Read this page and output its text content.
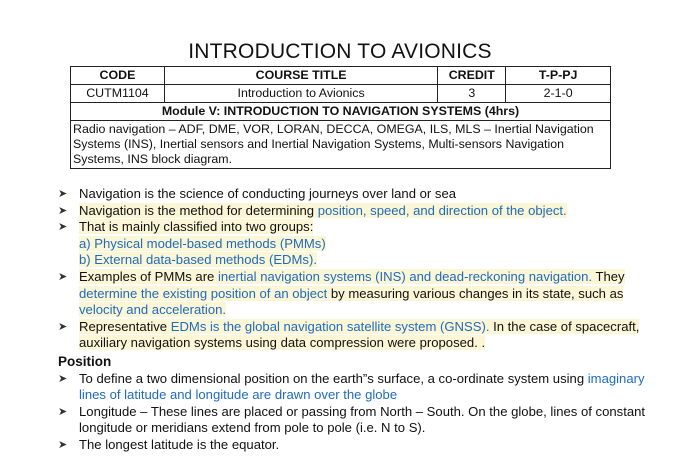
INTRODUCTION TO AVIONICS
CODE	COURSE TITLE	CREDIT	T-P-PJ
CUTM1104	Introduction to Avionics	3	2-1-0
Module V: INTRODUCTION TO NAVIGATION SYSTEMS (4hrs)			
Radio navigation – ADF, DME, VOR, LORAN, DECCA, OMEGA, ILS, MLS – Inertial Navigation Systems (INS), Inertial sensors and Inertial Navigation Systems, Multi-sensors Navigation Systems, INS block diagram.			
➤ Navigation is the science of conducting journeys over land or sea
➤ Navigation is the method for determining position, speed, and direction of the object.
➤ That is mainly classified into two groups:
a) Physical model-based methods (PMMs)
b) External data-based methods (EDMs).
➤ Examples of PMMs are inertial navigation systems (INS) and dead-reckoning navigation. They determine the existing position of an object by measuring various changes in its state, such as velocity and acceleration.
➤ Representative EDMs is the global navigation satellite system (GNSS). In the case of spacecraft, auxiliary navigation systems using data compression were proposed. .
Position
➤ To define a two dimensional position on the earth”s surface, a co-ordinate system using imaginary lines of latitude and longitude are drawn over the globe
➤ Longitude – These lines are placed or passing from North – South. On the globe, lines of constant longitude or meridians extend from pole to pole (i.e. N to S).
➤ The longest latitude is the equator.
